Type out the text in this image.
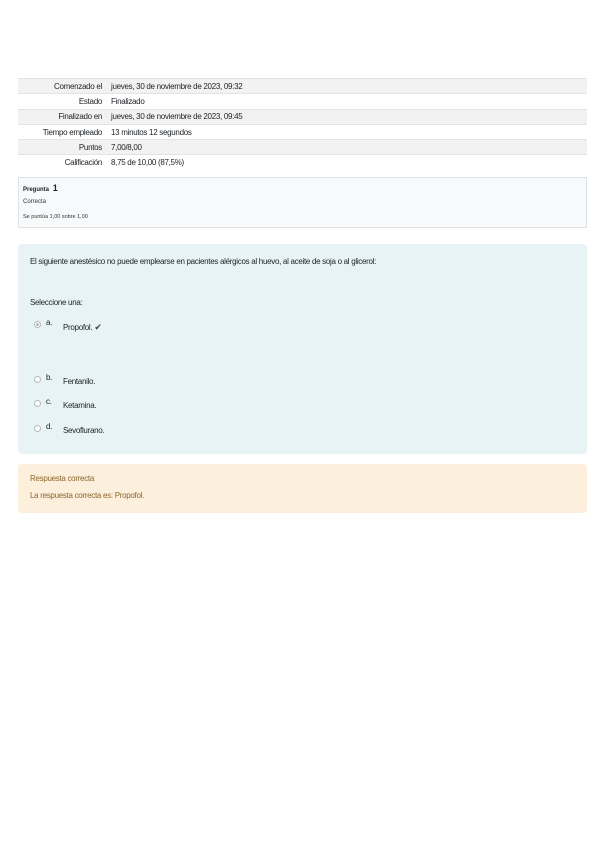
Comenzado el	jueves, 30 de noviembre de 2023, 09:32
Estado	Finalizado
Finalizado en	jueves, 30 de noviembre de 2023, 09:45
Tiempo empleado	13 minutos 12 segundos
Puntos	7,00/8,00
Calificación	8,75 de 10,00 (87,5%)
Pregunta 1
Correcta
Se puntúa 1,00 sobre 1,00
El siguiente anestésico no puede emplearse en pacientes alérgicos al huevo, al aceite de soja o al glicerol:
Seleccione una:
a.
Propofol. ✔
b. Fentanilo.
c. Ketamina.
d. Sevoflurano.
Respuesta correcta
La respuesta correcta es: Propofol.
